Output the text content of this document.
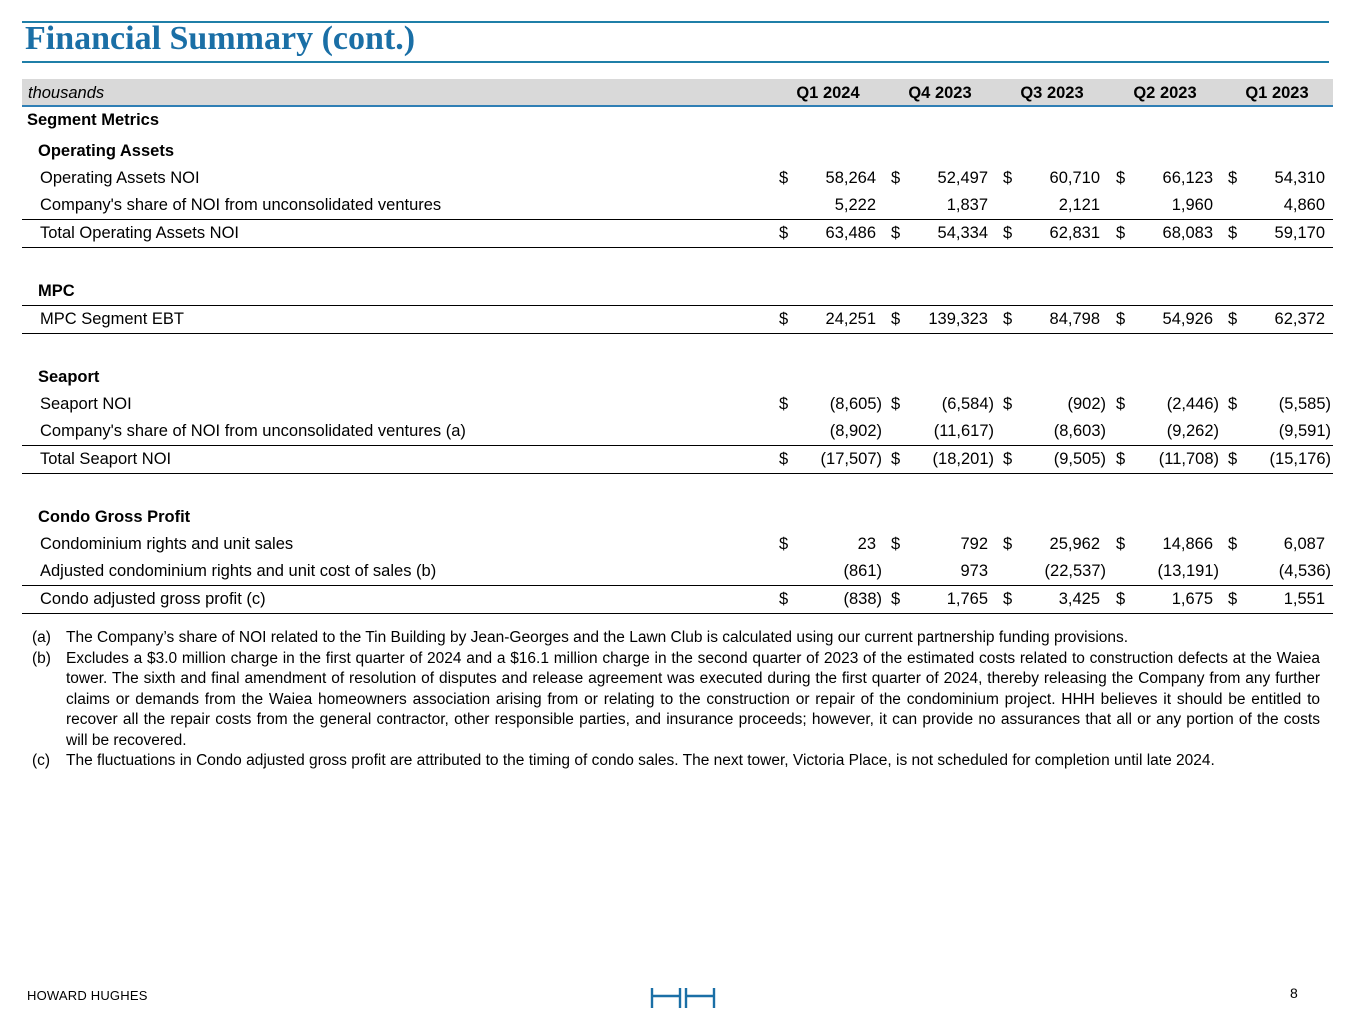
Financial Summary (cont.)
thousands	Q1 2024	Q4 2023	Q3 2023	Q2 2023	Q1 2023
Segment Metrics
Operating Assets
Operating Assets NOI	$ 58,264 $ 52,497 $ 60,710 $ 66,123 $ 54,310
Company's share of NOI from unconsolidated ventures	5,222	1,837	2,121	1,960	4,860
Total Operating Assets NOI	$ 63,486 $ 54,334 $ 62,831 $ 68,083 $ 59,170
MPC
MPC Segment EBT	$ 24,251 $ 139,323 $ 84,798 $ 54,926 $ 62,372
Seaport
Seaport NOI	$	(8,605) $	(6,584) $	(902) $	(2,446) $	(5,585)
Company's share of NOI from unconsolidated ventures (a)	(8,902)	(11,617)	(8,603)	(9,262)	(9,591)
Total Seaport NOI	$ (17,507) $ (18,201) $	(9,505) $ (11,708) $ (15,176)
Condo Gross Profit
Condominium rights and unit sales	$	23 $	792 $ 25,962 $ 14,866 $	6,087
Adjusted condominium rights and unit cost of sales (b)	(861)	973	(22,537)	(13,191)	(4,536)
Condo adjusted gross profit (c)	$	(838) $	1,765 $	3,425 $	1,675 $	1,551
(a) The Company’s share of NOI related to the Tin Building by Jean-Georges and the Lawn Club is calculated using our current partnership funding provisions.
(b) Excludes a $3.0 million charge in the first quarter of 2024 and a $16.1 million charge in the second quarter of 2023 of the estimated costs related to construction defects at the Waiea tower. The sixth and final amendment of resolution of disputes and release agreement was executed during the first quarter of 2024, thereby releasing the Company from any further claims or demands from the Waiea homeowners association arising from or relating to the construction or repair of the condominium project. HHH believes it should be entitled to recover all the repair costs from the general contractor, other responsible parties, and insurance proceeds; however, it can provide no assurances that all or any portion of the costs will be recovered.
(c) The fluctuations in Condo adjusted gross profit are attributed to the timing of condo sales. The next tower, Victoria Place, is not scheduled for completion until late 2024.
HOWARD HUGHES	8
